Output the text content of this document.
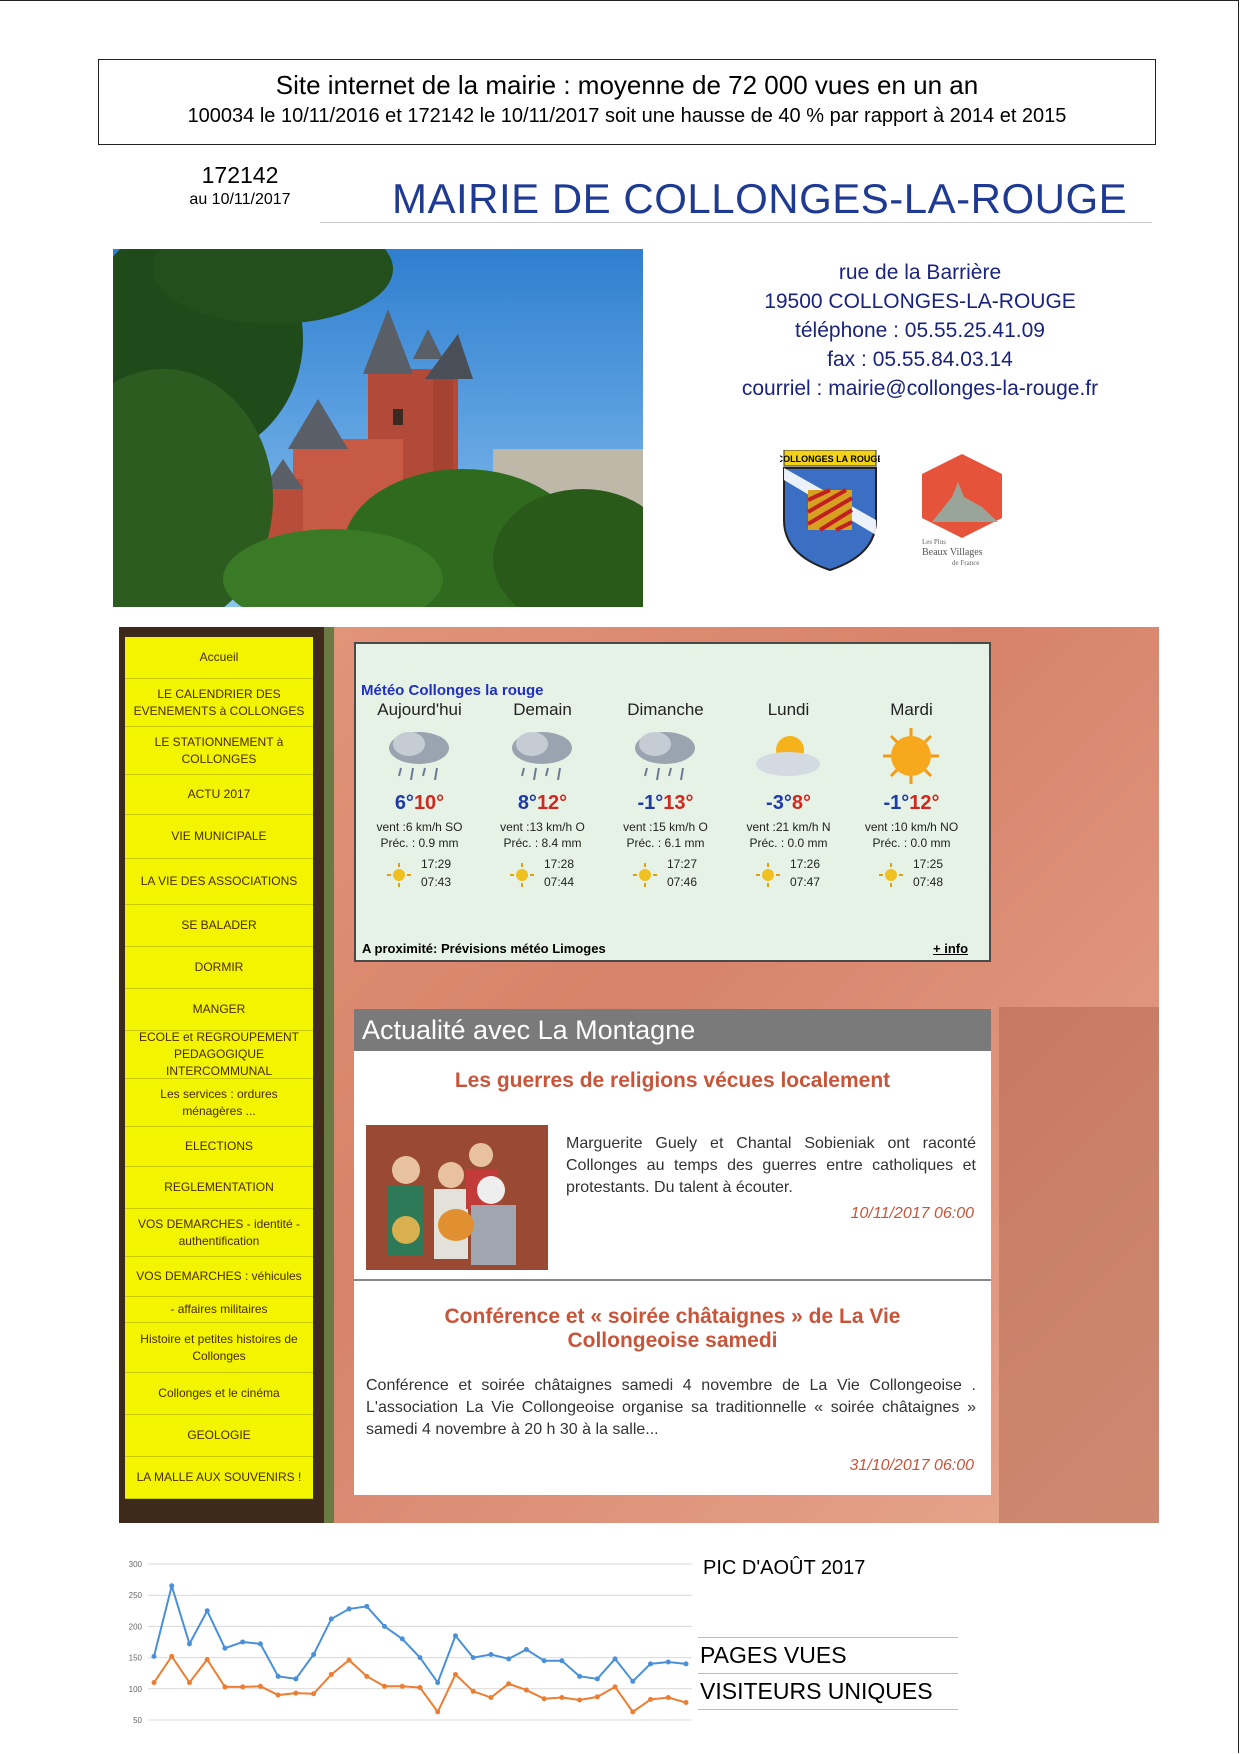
Site internet de la mairie : moyenne de 72 000 vues en un an
100034 le 10/11/2016 et 172142 le 10/11/2017 soit une hausse de 40 % par rapport à 2014 et 2015
172142
au 10/11/2017	MAIRIE DE COLLONGES-LA-ROUGE
rue de la Barrière
19500 COLLONGES-LA-ROUGE
téléphone : 05.55.25.41.09
fax : 05.55.84.03.14
courriel : mairie@collonges-la-rouge.fr
COLLONGES LA ROUGE
Les Plus
Beaux Villages
de France
Accueil
LE CALENDRIER DES EVENEMENTS à COLLONGES
LE STATIONNEMENT à COLLONGES
ACTU 2017
VIE MUNICIPALE
LA VIE DES ASSOCIATIONS
SE BALADER
DORMIR
MANGER
ECOLE et REGROUPEMENT PEDAGOGIQUE INTERCOMMUNAL
Les services : ordures ménagères ...
ELECTIONS
REGLEMENTATION
VOS DEMARCHES - identité - authentification
VOS DEMARCHES : véhicules
- affaires militaires
Histoire et petites histoires de Collonges
Collonges et le cinéma
GEOLOGIE
LA MALLE AUX SOUVENIRS !
Météo Collonges la rouge
Aujourd'hui
6°10°
vent :6 km/h SO
Préc. : 0.9 mm
17:29
07:43
Demain
8°12°
vent :13 km/h O
Préc. : 8.4 mm
17:28
07:44
Dimanche
-1°13°
vent :15 km/h O
Préc. : 6.1 mm
17:27
07:46
Lundi
-3°8°
vent :21 km/h N
Préc. : 0.0 mm
17:26
07:47
Mardi
-1°12°
vent :10 km/h NO
Préc. : 0.0 mm
17:25
07:48
A proximité: Prévisions météo Limoges	+ info
Actualité avec La Montagne
Les guerres de religions vécues localement
Marguerite Guely et Chantal Sobieniak ont raconté Collonges au temps des guerres entre catholiques et protestants. Du talent à écouter.
10/11/2017 06:00
Conférence et « soirée châtaignes » de La Vie Collongeoise samedi
Conférence et soirée châtaignes samedi 4 novembre de La Vie Collongeoise . L'association La Vie Collongeoise organise sa traditionnelle « soirée châtaignes » samedi 4 novembre à 20 h 30 à la salle...
31/10/2017 06:00
50
100
150
200
250
300	PIC D'AOÛT 2017
PAGES VUES
VISITEURS UNIQUES
